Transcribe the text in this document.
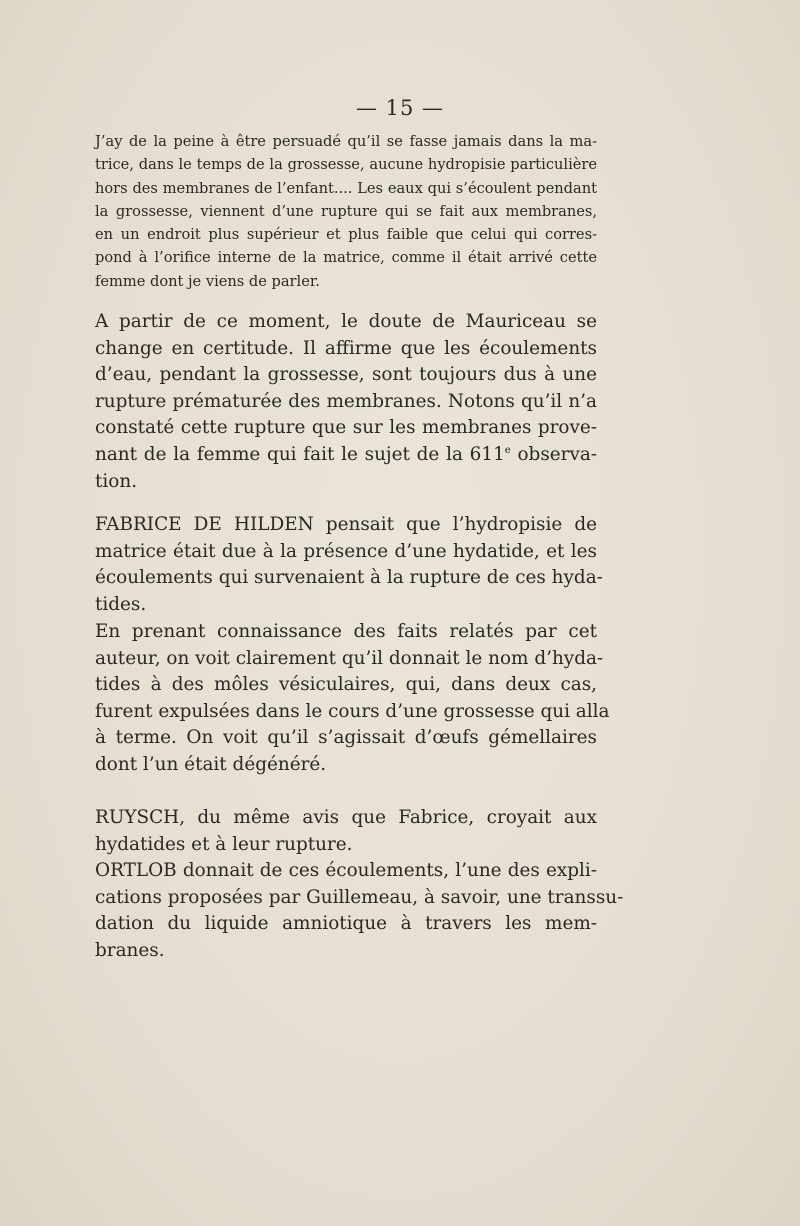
— 15 —
J’ay de la peine à être persuadé qu’il se fasse jamais dans la ma-
trice, dans le temps de la grossesse, aucune hydropisie particulière
hors des membranes de l’enfant.... Les eaux qui s’écoulent pendant
la grossesse, viennent d’une rupture qui se fait aux membranes,
en un endroit plus supérieur et plus faible que celui qui corres-
pond à l’orifice interne de la matrice, comme il était arrivé cette
femme dont je viens de parler.
A partir de ce moment, le doute de Mauriceau se
change en certitude. Il affirme que les écoulements
d’eau, pendant la grossesse, sont toujours dus à une
rupture prématurée des membranes. Notons qu’il n’a
constaté cette rupture que sur les membranes prove-
nant de la femme qui fait le sujet de la 611e observa-
tion.
FABRICE DE HILDEN pensait que l’hydropisie de
matrice était due à la présence d’une hydatide, et les
écoulements qui survenaient à la rupture de ces hyda-
tides.
En prenant connaissance des faits relatés par cet
auteur, on voit clairement qu’il donnait le nom d’hyda-
tides à des môles vésiculaires, qui, dans deux cas,
furent expulsées dans le cours d’une grossesse qui alla
à terme. On voit qu’il s’agissait d’œufs gémellaires
dont l’un était dégénéré.
RUYSCH, du même avis que Fabrice, croyait aux
hydatides et à leur rupture.
ORTLOB donnait de ces écoulements, l’une des expli-
cations proposées par Guillemeau, à savoir, une transsu-
dation du liquide amniotique à travers les mem-
branes.
